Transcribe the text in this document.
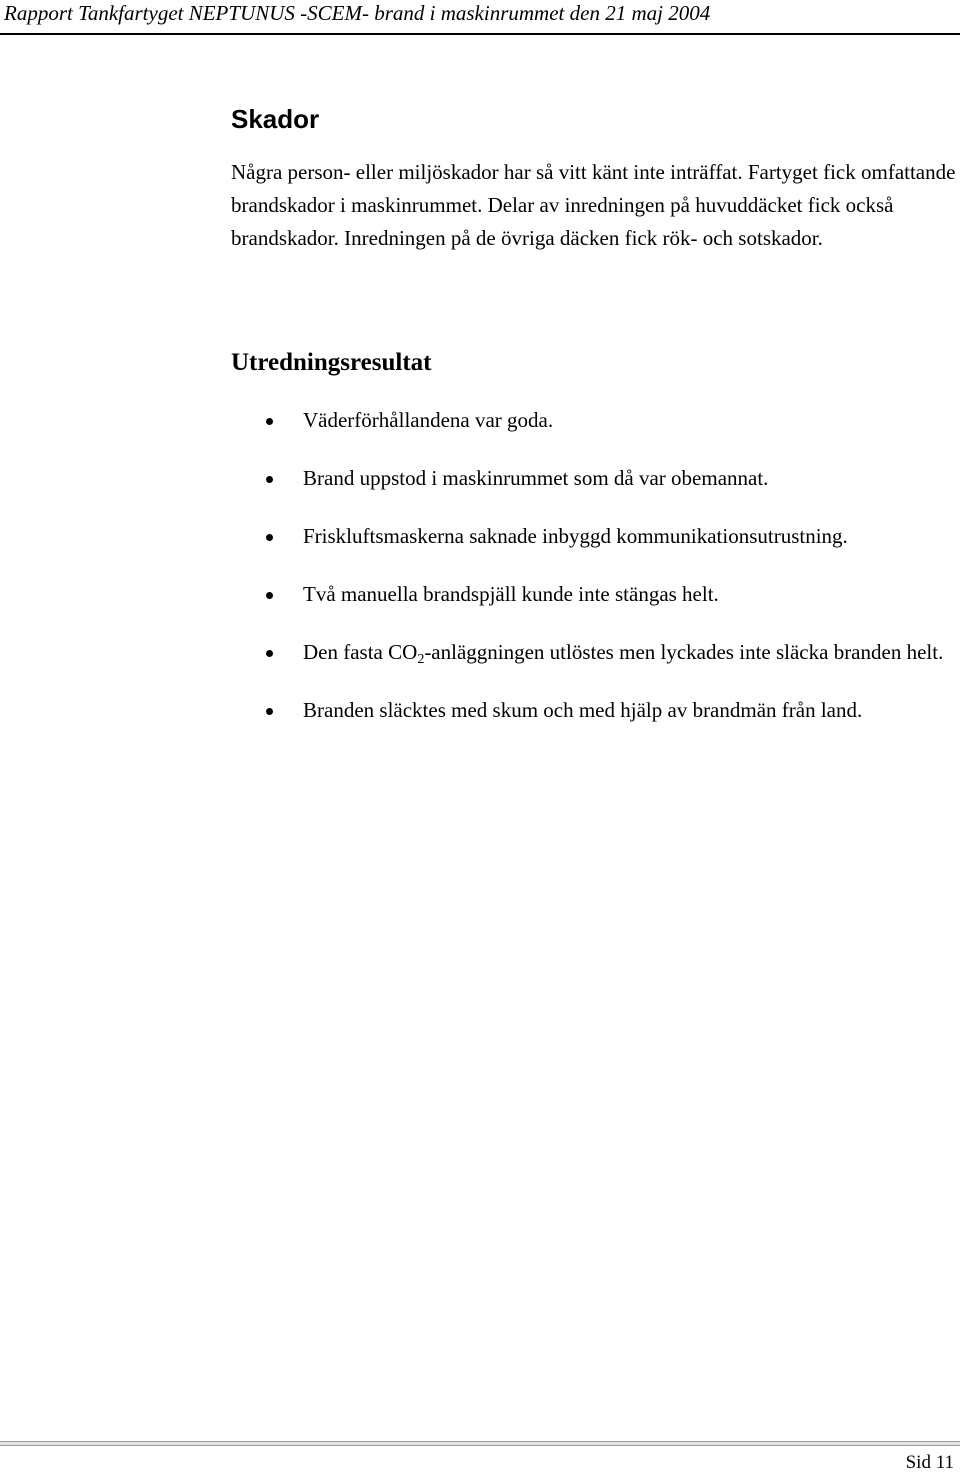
Rapport Tankfartyget NEPTUNUS -SCEM- brand i maskinrummet den 21 maj 2004
Skador

Några person- eller miljöskador har så vitt känt inte inträffat. Fartyget fick omfattande brandskador i maskinrummet. Delar av inredningen på huvuddäcket fick också brandskador. Inredningen på de övriga däcken fick rök- och sotskador.

Utredningsresultat
Väderförhållandena var goda.
Brand uppstod i maskinrummet som då var obemannat.
Friskluftsmaskerna saknade inbyggd kommunikationsutrustning.
Två manuella brandspjäll kunde inte stängas helt.
Den fasta $CO_2$-anläggningen utlöstes men lyckades inte släcka branden helt.
Branden släcktes med skum och med hjälp av brandmän från land.
Sid 11
